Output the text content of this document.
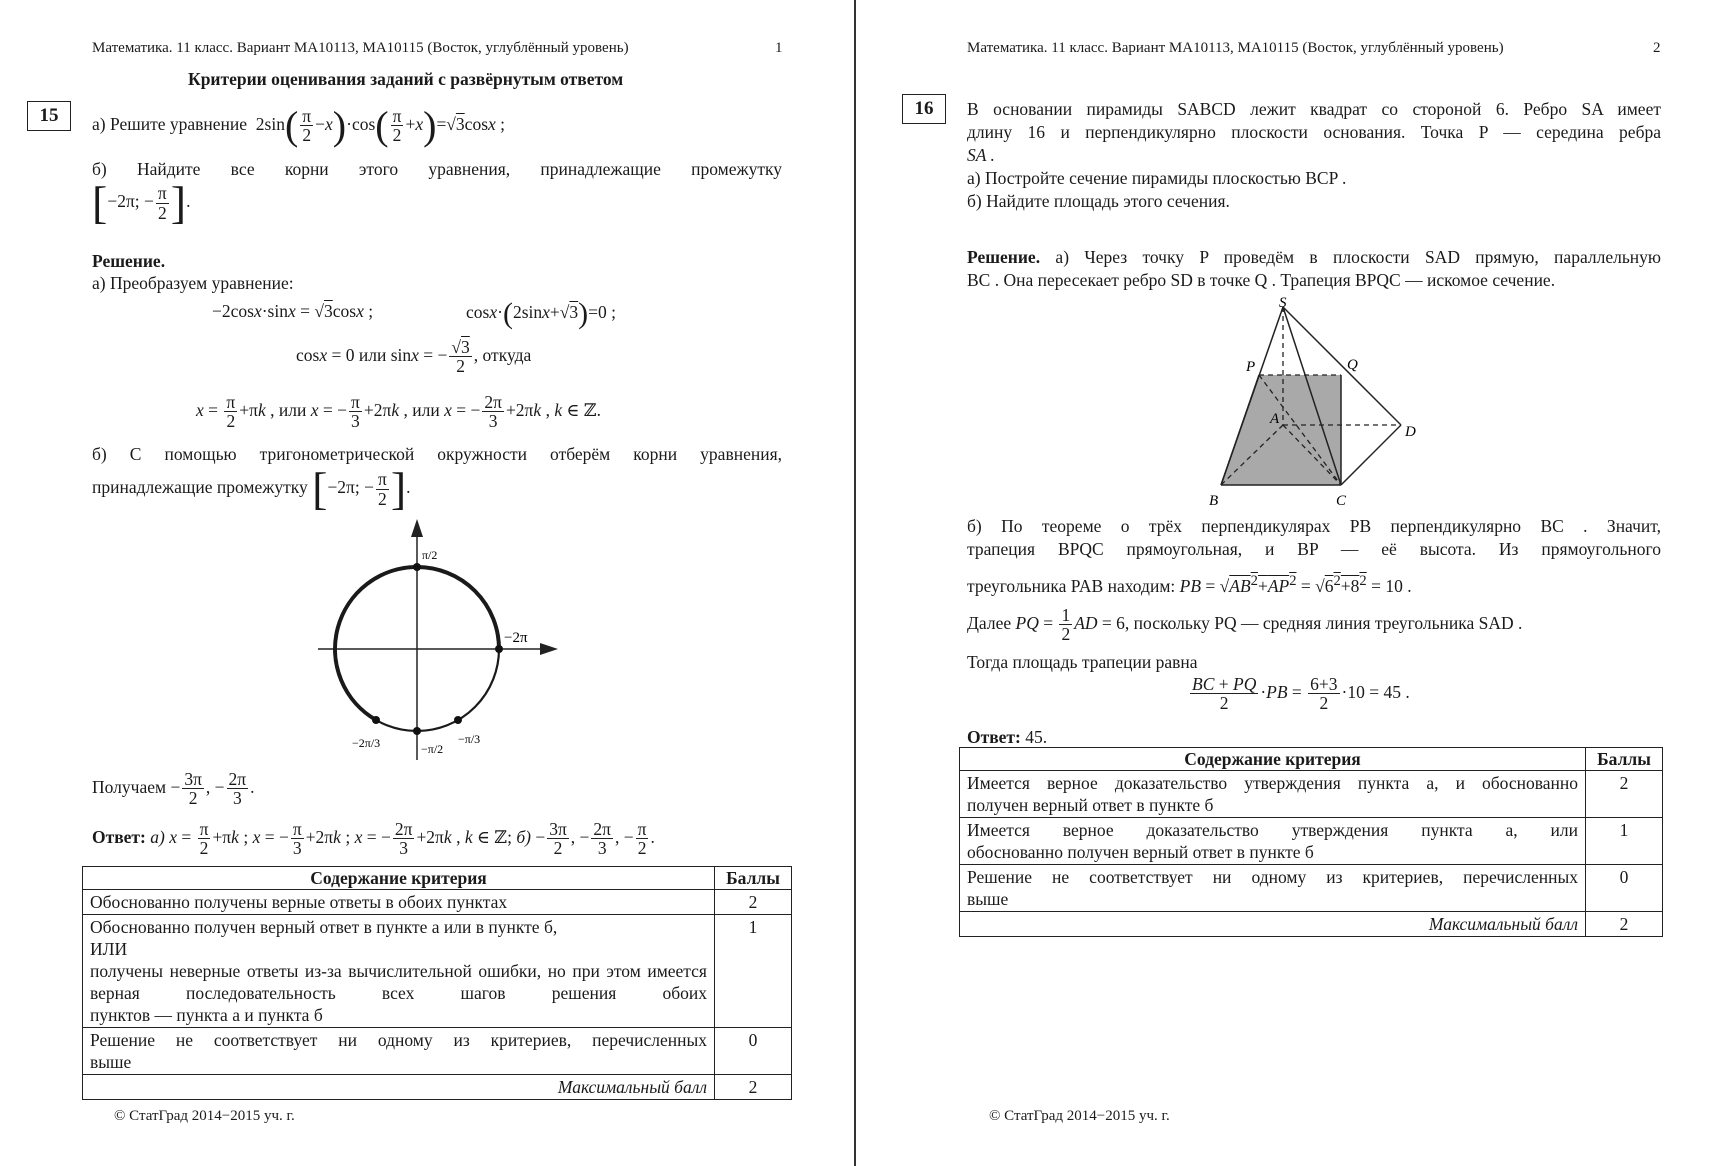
Математика. 11 класс. Вариант МА10113, МА10115 (Восток, углублённый уровень)	1
Критерии оценивания заданий с развёрнутым ответом
15	а) Решите уравнение  $2\sin( \frac{\pi}{2} -x)\cdot\cos( \frac{\pi}{2} +x)=√3\cos x$ ;
б) Найдите все корни этого уравнения, принадлежащие промежутку
[−2π; − $\frac{\pi}{2}$ ].
Решение.
а) Преобразуем уравнение:
−2cosx·sinx = √3cosx ;	cosx·(2sinx+√3)=0 ;
cosx = 0 или sinx = − $\frac{√3}{2}$ , откуда
$x = \frac{\pi}{2} +\pi k$ , или x = − $\frac{\pi}{3} +2\pi k$ , или x = − $\frac{2\pi}{3} +2\pi k$ , k ∈ ℤ.
б) С помощью тригонометрической окружности отберём корни уравнения,
принадлежащие промежутку [−2π; − $\frac{\pi}{2}$ ].
π/2
−2π
−2π/3	−π/2
−π/3
Получаем − $\frac{3\pi}{2}$ , − $\frac{2\pi}{3}$ .
Ответ: а) $x = \frac{\pi}{2} +\pi k$ ; x = − $\frac{\pi}{3} +2\pi k$ ; x = − $\frac{2\pi}{3} +2\pi k$ , k ∈ ℤ; $б) - \frac{3\pi}{2}$ , − $\frac{2\pi}{3}$ , − $\frac{\pi}{2}$ .
Содержание критерия	Баллы
Обоснованно получены верные ответы в обоих пунктах	2

Обоснованно получен верный ответ в пункте а или в пункте б,
ИЛИ
получены неверные ответы из-за вычислительной ошибки, но при этом имеется верная последовательность всех шагов решения обоих
пунктов — пункта а и пункта б	1

Решение не соответствует ни одному из критериев, перечисленных
выше	0
Максимальный балл	2
© СтатГрад 2014−2015 уч. г.
Математика. 11 класс. Вариант МА10113, МА10115 (Восток, углублённый уровень)	2
16	В основании пирамиды SABCD лежит квадрат со стороной 6. Ребро SA имеет
длину 16 и перпендикулярно плоскости основания. Точка P — середина ребра
SA .
а) Постройте сечение пирамиды плоскостью BCP .
б) Найдите площадь этого сечения.
Решение. а) Через точку P проведём в плоскости SAD прямую, параллельную
BC . Она пересекает ребро SD в точке Q . Трапеция BPQC — искомое сечение.
S
P	Q
A
D
B	C
б) По теореме о трёх перпендикулярах PB перпендикулярно BC . Значит,
трапеция BPQC прямоугольная, и BP — её высота. Из прямоугольного
треугольника PAB находим: PB = $√AB^2+AP^2 = √6^2+8^2 = 10$ .
Далее PQ = $\frac{1}{2}$ AD = 6, поскольку PQ — средняя линия треугольника SAD .
Тогда площадь трапеции равна
$\frac{BC + PQ}{2} \cdot PB = \frac{6+3}{2} \cdot 10 = 45$ .
Ответ: 45.
Содержание критерия	Баллы

Имеется верное доказательство утверждения пункта а, и обоснованно
получен верный ответ в пункте б	2

Имеется верное доказательство утверждения пункта а, или
обоснованно получен верный ответ в пункте б	1

Решение не соответствует ни одному из критериев, перечисленных
выше	0
Максимальный балл	2
© СтатГрад 2014−2015 уч. г.
